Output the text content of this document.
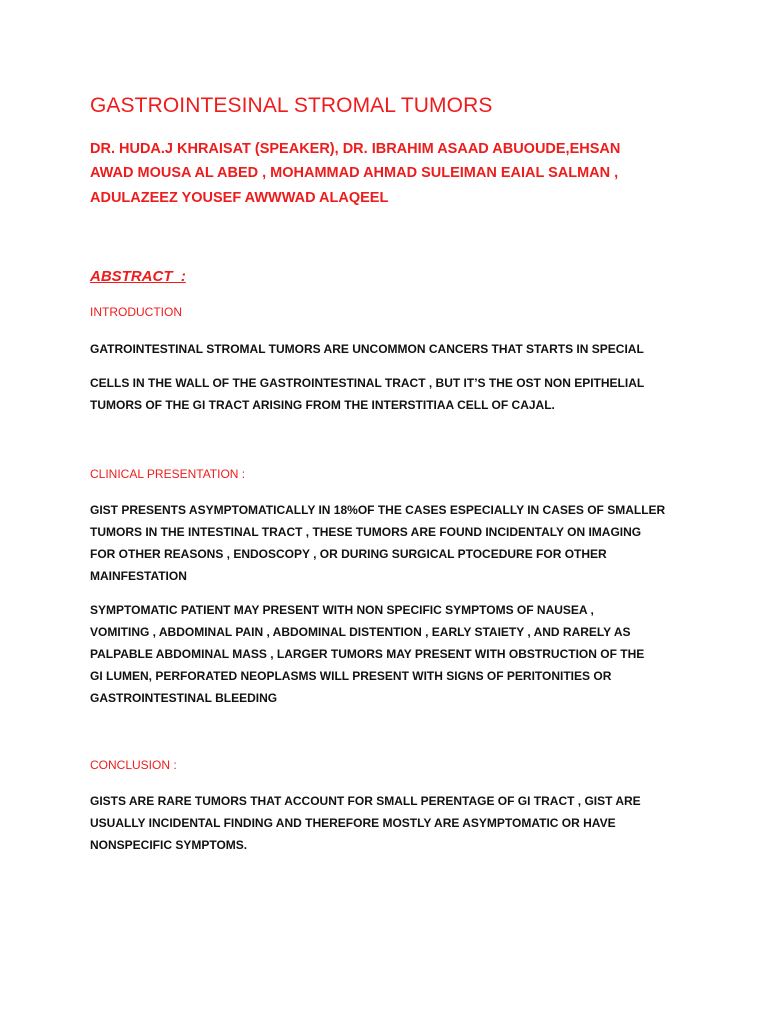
GASTROINTESINAL STROMAL TUMORS
DR. HUDA.J KHRAISAT (SPEAKER), DR. IBRAHIM ASAAD ABUOUDE,EHSAN
AWAD MOUSA AL ABED , MOHAMMAD AHMAD SULEIMAN EAIAL SALMAN ,
ADULAZEEZ YOUSEF AWWWAD ALAQEEL
ABSTRACT  :
INTRODUCTION
GATROINTESTINAL STROMAL TUMORS ARE UNCOMMON CANCERS THAT STARTS IN SPECIAL
CELLS IN THE WALL OF THE GASTROINTESTINAL TRACT , BUT IT’S THE OST NON EPITHELIAL
TUMORS OF THE GI TRACT ARISING FROM THE INTERSTITIAA CELL OF CAJAL.
CLINICAL PRESENTATION :
GIST PRESENTS ASYMPTOMATICALLY IN 18%OF THE CASES ESPECIALLY IN CASES OF SMALLER
TUMORS IN THE INTESTINAL TRACT , THESE TUMORS ARE FOUND INCIDENTALY ON IMAGING
FOR OTHER REASONS , ENDOSCOPY , OR DURING SURGICAL PTOCEDURE FOR OTHER
MAINFESTATION
SYMPTOMATIC PATIENT MAY PRESENT WITH NON SPECIFIC SYMPTOMS OF NAUSEA ,
VOMITING , ABDOMINAL PAIN , ABDOMINAL DISTENTION , EARLY STAIETY , AND RARELY AS
PALPABLE ABDOMINAL MASS , LARGER TUMORS MAY PRESENT WITH OBSTRUCTION OF THE
GI LUMEN, PERFORATED NEOPLASMS WILL PRESENT WITH SIGNS OF PERITONITIES OR
GASTROINTESTINAL BLEEDING
CONCLUSION :
GISTS ARE RARE TUMORS THAT ACCOUNT FOR SMALL PERENTAGE OF GI TRACT , GIST ARE
USUALLY INCIDENTAL FINDING AND THEREFORE MOSTLY ARE ASYMPTOMATIC OR HAVE
NONSPECIFIC SYMPTOMS.
